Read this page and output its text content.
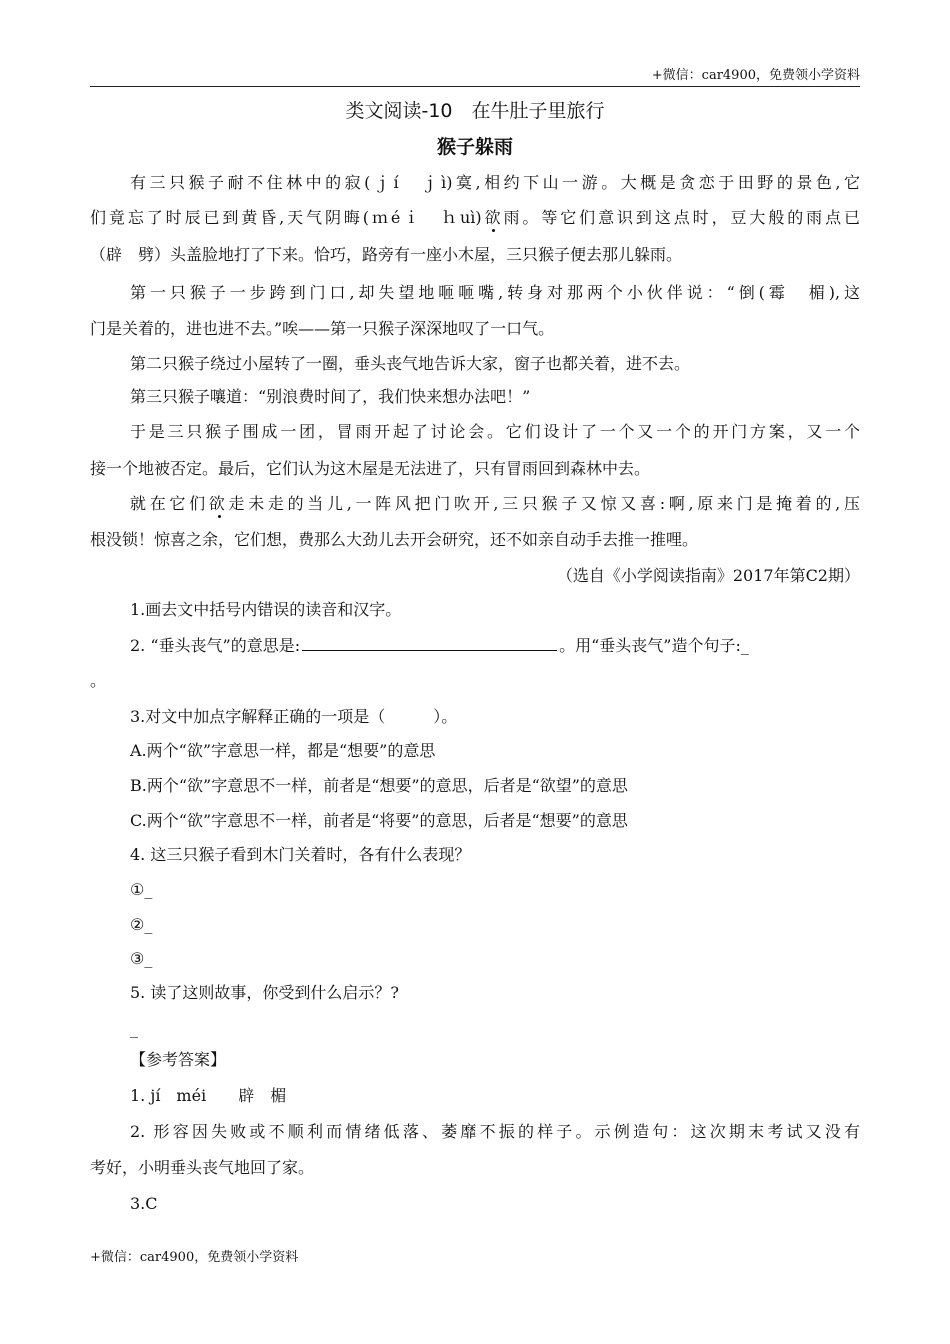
+微信：car4900，免费领小学资料
类文阅读-10　在牛肚子里旅行
猴子躲雨
有三只猴子耐不住林中的寂(ｊí　ｊì)寞,相约下山一游。大概是贪恋于田野的景色,它
们竟忘了时辰已到黄昏,天气阴晦(ｍéｉ　ｈuì)欲雨。等它们意识到这点时，豆大般的雨点已
（辟　劈）头盖脸地打了下来。恰巧，路旁有一座小木屋，三只猴子便去那儿躲雨。
第一只猴子一步跨到门口,却失望地咂咂嘴,转身对那两个小伙伴说：“倒(霉　楣),这
门是关着的，进也进不去。”唉——第一只猴子深深地叹了一口气。
第二只猴子绕过小屋转了一圈，垂头丧气地告诉大家，窗子也都关着，进不去。
第三只猴子嚷道：“别浪费时间了，我们快来想办法吧！”
于是三只猴子围成一团，冒雨开起了讨论会。它们设计了一个又一个的开门方案，又一个
接一个地被否定。最后，它们认为这木屋是无法进了，只有冒雨回到森林中去。
就在它们欲走未走的当儿,一阵风把门吹开,三只猴子又惊又喜:啊,原来门是掩着的,压
根没锁！惊喜之余，它们想，费那么大劲儿去开会研究，还不如亲自动手去推一推哩。
（选自《小学阅读指南》2017年第C2期）
1.画去文中括号内错误的读音和汉字。
2. “垂头丧气”的意思是:	。用“垂头丧气”造个句子:_
。
3.对文中加点字解释正确的一项是（　　　）。
A.两个“欲”字意思一样，都是“想要”的意思
B.两个“欲”字意思不一样，前者是“想要”的意思，后者是“欲望”的意思
C.两个“欲”字意思不一样，前者是“将要”的意思，后者是“想要”的意思
4. 这三只猴子看到木门关着时，各有什么表现？
①_
②_
③_
5. 读了这则故事，你受到什么启示？?
_
【参考答案】
1. jí　méi　　辟　楣
2. 形容因失败或不顺利而情绪低落、萎靡不振的样子。示例造句：这次期末考试又没有
考好，小明垂头丧气地回了家。
3.C
+微信：car4900，免费领小学资料
